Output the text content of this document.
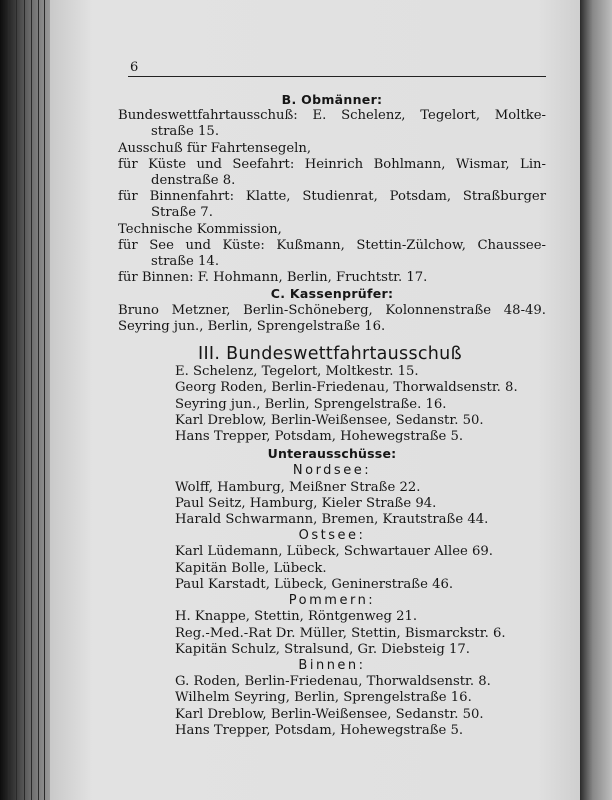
6
B. Obmänner:
Bundeswettfahrtausschuß: E. Schelenz, Tegelort, Moltke-
straße 15.
Ausschuß für Fahrtensegeln,
für Küste und Seefahrt: Heinrich Bohlmann, Wismar, Lin-
denstraße 8.
für Binnenfahrt: Klatte, Studienrat, Potsdam, Straßburger
Straße 7.
Technische Kommission,
für See und Küste: Kußmann, Stettin-Zülchow, Chaussee-
straße 14.
für Binnen: F. Hohmann, Berlin, Fruchtstr. 17.
C. Kassenprüfer:
Bruno Metzner, Berlin-Schöneberg, Kolonnenstraße 48-49.
Seyring jun., Berlin, Sprengelstraße 16.
III. Bundeswettfahrtausschuß
E. Schelenz, Tegelort, Moltkestr. 15.
Georg Roden, Berlin-Friedenau, Thorwaldsenstr. 8.
Seyring jun., Berlin, Sprengelstraße. 16.
Karl Dreblow, Berlin-Weißensee, Sedanstr. 50.
Hans Trepper, Potsdam, Hohewegstraße 5.
Unterausschüsse:
Nordsee:
Wolff, Hamburg, Meißner Straße 22.
Paul Seitz, Hamburg, Kieler Straße 94.
Harald Schwarmann, Bremen, Krautstraße 44.
Ostsee:
Karl Lüdemann, Lübeck, Schwartauer Allee 69.
Kapitän Bolle, Lübeck.
Paul Karstadt, Lübeck, Geninerstraße 46.
Pommern:
H. Knappe, Stettin, Röntgenweg 21.
Reg.-Med.-Rat Dr. Müller, Stettin, Bismarckstr. 6.
Kapitän Schulz, Stralsund, Gr. Diebsteig 17.
Binnen:
G. Roden, Berlin-Friedenau, Thorwaldsenstr. 8.
Wilhelm Seyring, Berlin, Sprengelstraße 16.
Karl Dreblow, Berlin-Weißensee, Sedanstr. 50.
Hans Trepper, Potsdam, Hohewegstraße 5.
